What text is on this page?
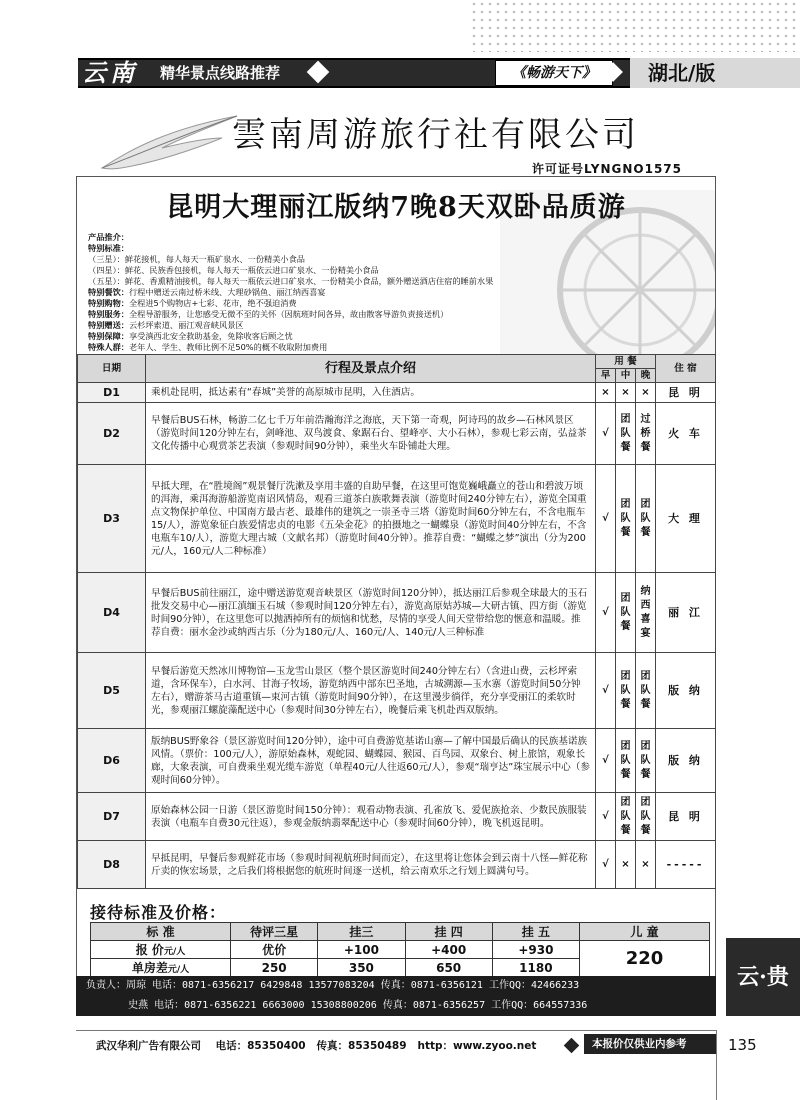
云南	精华景点线路推荐	《畅游天下》	湖北/版
雲南周游旅行社有限公司
许可证号LYNGNO1575
昆明大理丽江版纳7晚8天双卧品质游
产品推介：
特别标准：
（三星）：鲜花接机，每人每天一瓶矿泉水、一份精美小食品
（四星）：鲜花、民族香包接机，每人每天一瓶依云进口矿泉水、一份精美小食品
（五星）：鲜花、香熏精油接机，每人每天一瓶依云进口矿泉水、一份精美小食品，额外赠送酒店住宿的睡前水果
特别餐饮：行程中赠送云南过桥米线、大理砂锅鱼、丽江纳西喜宴
特别购物：全程进5个购物店+七彩、花市，绝不强迫消费
特别服务：全程导游服务，让您感受无微不至的关怀（因航班时间各异，故由散客导游负责接送机）
特别赠送：云杉坪索道、丽江观音峡风景区
特别保障：享受滇西北安全救助基金，免除收客后顾之忧
特殊人群：老年人、学生、教师比例不足50%的概不收取附加费用
日期	行程及景点介绍	用 餐			住 宿
		早	中	晚	
D1	乘机赴昆明，抵达素有“春城”美誉的高原城市昆明，入住酒店。	×	×	×	昆 明
D2	早餐后BUS石林，畅游二亿七千万年前浩瀚海洋之海底，天下第一奇观，阿诗玛的故乡—石林风景区（游览时间120分钟左右，剑峰池、双鸟渡食、象踞石台、望峰亭、大小石林），参观七彩云南，弘益茶文化传播中心观赏茶艺表演（参观时间90分钟），乘坐火车卧铺赴大理。	√	团队餐	过桥餐	火 车
D3	早抵大理，在“胜境阁”观景餐厅洗漱及享用丰盛的自助早餐，在这里可饱览巍峨矗立的苍山和碧波万顷的洱海，乘洱海游船游览南诏风情岛，观看三道茶白族歌舞表演（游览时间240分钟左右），游览全国重点文物保护单位、中国南方最古老、最雄伟的建筑之一崇圣寺三塔（游览时间60分钟左右，不含电瓶车15/人），游览象征白族爱情忠贞的电影《五朵金花》的拍摄地之一蝴蝶泉（游览时间40分钟左右，不含电瓶车10/人），游览大理古城（文献名邦）（游览时间40分钟）。推荐自费：“蝴蝶之梦”演出（分为200元/人，160元/人二种标准）	√	团队餐	团队餐	大 理
D4	早餐后BUS前往丽江，途中赠送游览观音峡景区（游览时间120分钟），抵达丽江后参观全球最大的玉石批发交易中心—丽江滇缅玉石城（参观时间120分钟左右），游览高原姑苏城—大研古镇、四方街（游览时间90分钟），在这里您可以抛洒掉所有的烦恼和忧愁，尽情的享受人间天堂带给您的惬意和温暖。推荐自费：丽水金沙或纳西古乐（分为180元/人、160元/人、140元/人三种标准	√	团队餐	纳西喜宴	丽 江
D5	早餐后游览天然冰川博物馆—玉龙雪山景区（整个景区游览时间240分钟左右）（含进山费，云杉坪索道，含环保车），白水河、甘海子牧场，游览纳西中部东巴圣地，古城溯源—玉水寨（游览时间50分钟左右），赠游茶马古道重镇—束河古镇（游览时间90分钟），在这里漫步徜徉，充分享受丽江的柔软时光，参观丽江螺旋藻配送中心（参观时间30分钟左右），晚餐后乘飞机赴西双版纳。	√	团队餐	团队餐	版 纳
D6	版纳BUS野象谷（景区游览时间120分钟），途中可自费游览基诺山寨—了解中国最后确认的民族基诺族风情。（票价：100元/人），游原始森林，观蛇园、蝴蝶园、猴园、百鸟园、双象台、树上旅馆，观象长廊，大象表演，可自费乘坐观光缆车游览（单程40元/人往返60元/人），参观“瑞亨达”珠宝展示中心（参观时间60分钟）。	√	团队餐	团队餐	版 纳
D7	原始森林公园一日游（景区游览时间150分钟）：观看动物表演、孔雀放飞、爱伲族抢亲、少数民族服装表演（电瓶车自费30元往返），参观金版纳翡翠配送中心（参观时间60分钟），晚飞机返昆明。	√	团队餐	团队餐	昆 明
D8	早抵昆明，早餐后参观鲜花市场（参观时间视航班时间而定），在这里将让您体会到云南十八怪—鲜花称斤卖的恢宏场景，之后我们将根据您的航班时间逐一送机，给云南欢乐之行划上圆满句号。	√	×	×	-----
接待标准及价格：
标 准	待评三星	挂三	挂 四	挂 五	儿 童
报 价元/人	优价	+100	+400	+930	220
单房差元/人	250	350	650	1180	
负责人：周琼 电话：0871-6356217 6429848 13577083204 传真：0871-6356121 工作QQ：42466233
史燕 电话：0871-6356221 6663000 15308800206 传真：0871-6356257 工作QQ：664557336
云·贵
武汉华利广告有限公司 电话：85350400 传真：85350489 http：www.zyoo.net	本报价仅供业内参考	135
